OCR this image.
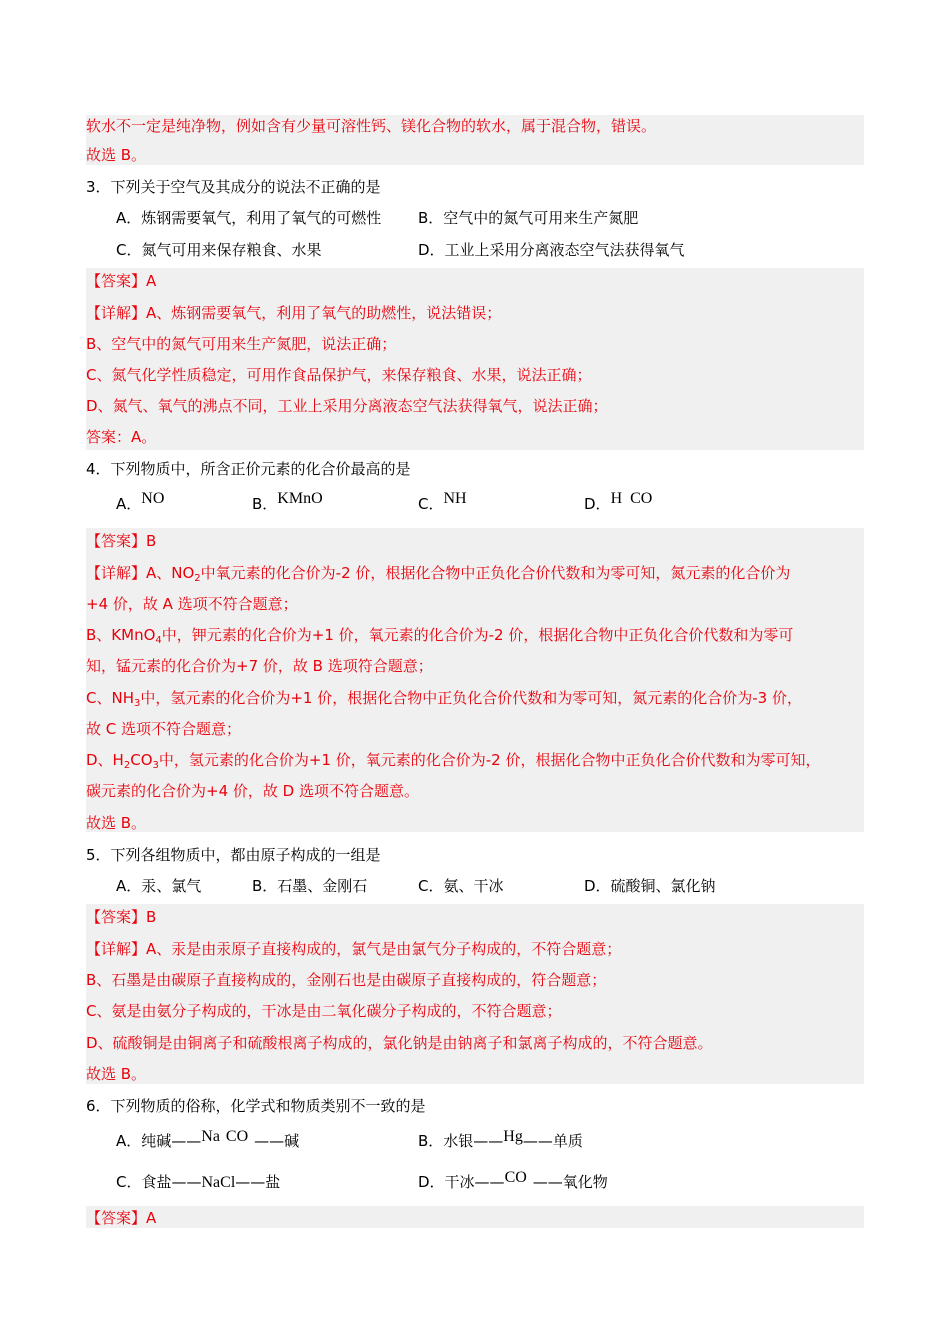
软水不一定是纯净物，例如含有少量可溶性钙、镁化合物的软水，属于混合物，错误。
故选 B。
3．下列关于空气及其成分的说法不正确的是
A．炼钢需要氧气，利用了氧气的可燃性 B．空气中的氮气可用来生产氮肥
C．氮气可用来保存粮食、水果	D．工业上采用分离液态空气法获得氧气
【答案】A
【详解】A、炼钢需要氧气，利用了氧气的助燃性，说法错误；
B、空气中的氮气可用来生产氮肥，说法正确；
C、氮气化学性质稳定，可用作食品保护气，来保存粮食、水果，说法正确；
D、氮气、氧气的沸点不同，工业上采用分离液态空气法获得氧气，说法正确；
答案：A。
4．下列物质中，所含正价元素的化合价最高的是
A．NO	B．KMnO	C．NH	D．H CO
【答案】B
【详解】A、$NO_2$中氧元素的化合价为-2 价，根据化合物中正负化合价代数和为零可知，氮元素的化合价为
+4 价，故 A 选项不符合题意；
B、KMnO$_4$中，钾元素的化合价为+1 价，氧元素的化合价为-2 价，根据化合物中正负化合价代数和为零可
知，锰元素的化合价为+7 价，故 B 选项符合题意；
C、$NH_3$中，氢元素的化合价为+1 价，根据化合物中正负化合价代数和为零可知，氮元素的化合价为-3 价，
故 C 选项不符合题意；
D、$H_2CO_3$中，氢元素的化合价为+1 价，氧元素的化合价为-2 价，根据化合物中正负化合价代数和为零可知，
碳元素的化合价为+4 价，故 D 选项不符合题意。
故选 B。
5．下列各组物质中，都由原子构成的一组是
A．汞、氯气	B．石墨、金刚石	C．氨、干冰	D．硫酸铜、氯化钠
【答案】B
【详解】A、汞是由汞原子直接构成的，氯气是由氯气分子构成的，不符合题意；
B、石墨是由碳原子直接构成的，金刚石也是由碳原子直接构成的，符合题意；
C、氨是由氨分子构成的，干冰是由二氧化碳分子构成的，不符合题意；
D、硫酸铜是由铜离子和硫酸根离子构成的，氯化钠是由钠离子和氯离子构成的，不符合题意。
故选 B。
6．下列物质的俗称，化学式和物质类别不一致的是
A．纯碱——Na CO ——碱	B．水银——Hg——单质
C．食盐——NaCl——盐	D．干冰——CO ——氧化物
【答案】A
